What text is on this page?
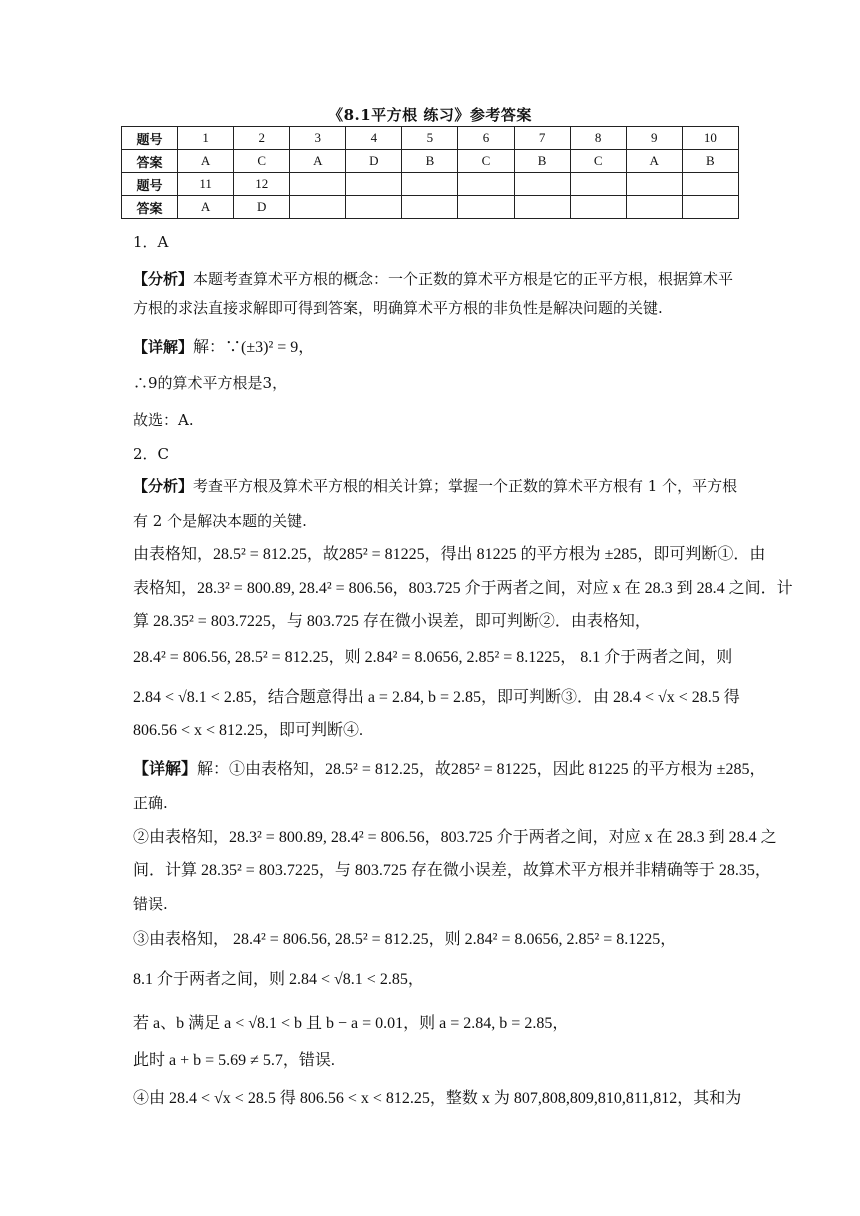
《8.1平方根 练习》参考答案
题号	1	2	3	4	5	6	7	8	9	10
答案	A	C	A	D	B	C	B	C	A	B
题号	11	12								
答案	A	D								
1．A
【分析】本题考查算术平方根的概念：一个正数的算术平方根是它的正平方根，根据算术平
方根的求法直接求解即可得到答案，明确算术平方根的非负性是解决问题的关键.
【详解】解：∵(±3)² = 9，
∴9的算术平方根是3，
故选：A.
2．C
【分析】考查平方根及算术平方根的相关计算；掌握一个正数的算术平方根有 1 个，平方根
有 2 个是解决本题的关键.
由表格知，28.5² = 812.25，故285² = 81225，得出 81225 的平方根为 ±285，即可判断①．由
表格知，28.3² = 800.89, 28.4² = 806.56，803.725 介于两者之间，对应 x 在 28.3 到 28.4 之间．计
算 28.35² = 803.7225，与 803.725 存在微小误差，即可判断②．由表格知，
28.4² = 806.56, 28.5² = 812.25，则 2.84² = 8.0656, 2.85² = 8.1225， 8.1 介于两者之间，则
2.84 < √8.1 < 2.85，结合题意得出 a = 2.84, b = 2.85，即可判断③．由 28.4 < √x < 28.5 得
806.56 < x < 812.25，即可判断④.
【详解】解：①由表格知，28.5² = 812.25，故285² = 81225，因此 81225 的平方根为 ±285，
正确.
②由表格知，28.3² = 800.89, 28.4² = 806.56，803.725 介于两者之间，对应 x 在 28.3 到 28.4 之
间．计算 28.35² = 803.7225，与 803.725 存在微小误差，故算术平方根并非精确等于 28.35，
错误.
③由表格知， 28.4² = 806.56, 28.5² = 812.25，则 2.84² = 8.0656, 2.85² = 8.1225，
8.1 介于两者之间，则 2.84 < √8.1 < 2.85，
若 a、b 满足 a < √8.1 < b 且 b − a = 0.01，则 a = 2.84, b = 2.85，
此时 a + b = 5.69 ≠ 5.7，错误.
④由 28.4 < √x < 28.5 得 806.56 < x < 812.25，整数 x 为 807,808,809,810,811,812，其和为
